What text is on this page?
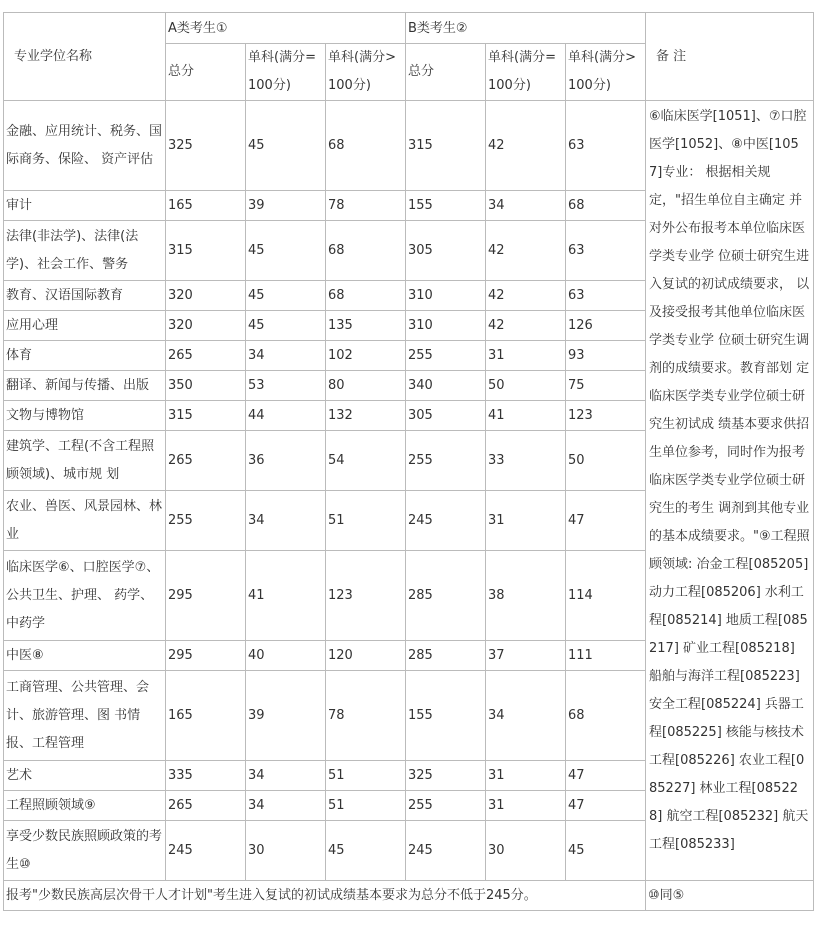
专业学位名称	A类考生①			B类考生②			备 注
	总分	单科(满分=100分)	单科(满分>100分)	总分	单科(满分=100分)	单科(满分>100分)	
金融、应用统计、税务、国际商务、保险、 资产评估	325	45	68	315	42	63	⑥临床医学[1051]、⑦口腔医学[1052]、⑧中医[1057]专业： 根据相关规定，"招生单位自主确定 并对外公布报考本单位临床医学类专业学 位硕士研究生进入复试的初试成绩要求， 以及接受报考其他单位临床医学类专业学 位硕士研究生调剂的成绩要求。教育部划 定临床医学类专业学位硕士研究生初试成 绩基本要求供招生单位参考，同时作为报考临床医学类专业学位硕士研究生的考生 调剂到其他专业的基本成绩要求。"⑨工程照顾领域: 冶金工程[085205] 动力工程[085206] 水利工程[085214] 地质工程[085217] 矿业工程[085218] 船舶与海洋工程[085223] 安全工程[085224] 兵器工程[085225] 核能与核技术工程[085226] 农业工程[085227] 林业工程[085228] 航空工程[085232] 航天工程[085233]
审计	165	39	78	155	34	68	
法律(非法学)、法律(法学)、社会工作、警务	315	45	68	305	42	63	
教育、汉语国际教育	320	45	68	310	42	63	
应用心理	320	45	135	310	42	126	
体育	265	34	102	255	31	93	
翻译、新闻与传播、出版	350	53	80	340	50	75	
文物与博物馆	315	44	132	305	41	123	
建筑学、工程(不含工程照顾领域)、城市规 划	265	36	54	255	33	50	
农业、兽医、风景园林、林业	255	34	51	245	31	47	
临床医学⑥、口腔医学⑦、公共卫生、护理、 药学、中药学	295	41	123	285	38	114	
中医⑧	295	40	120	285	37	111	
工商管理、公共管理、会计、旅游管理、图 书情报、工程管理	165	39	78	155	34	68	
艺术	335	34	51	325	31	47	
工程照顾领域⑨	265	34	51	255	31	47	
享受少数民族照顾政策的考生⑩	245	30	45	245	30	45	
报考"少数民族高层次骨干人才计划"考生进入复试的初试成绩基本要求为总分不低于245分。							⑩同⑤
